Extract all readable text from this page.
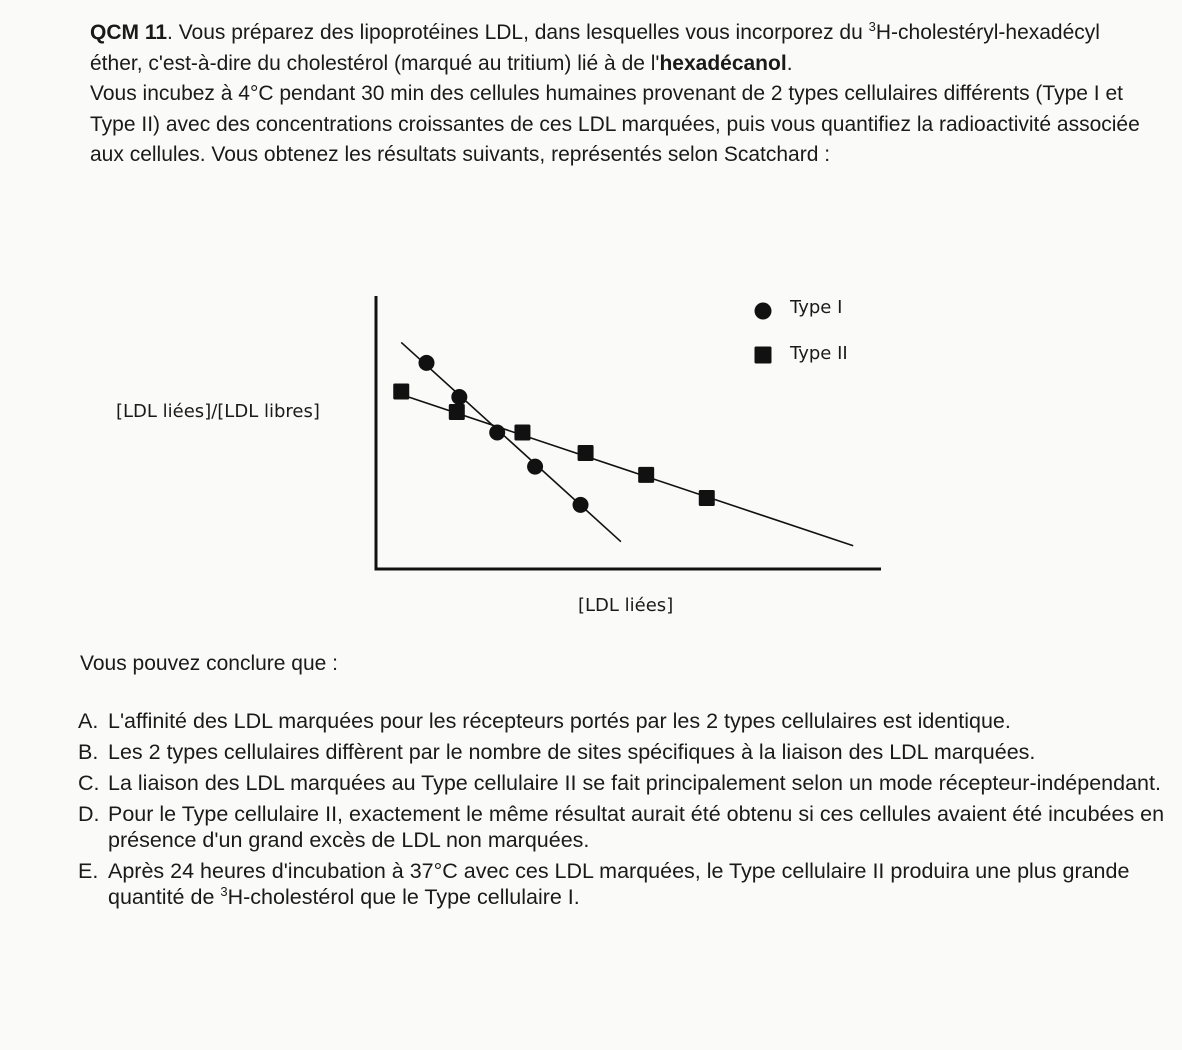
QCM 11. Vous préparez des lipoprotéines LDL, dans lesquelles vous incorporez du $^3$H-cholestéryl-hexadécyl éther, c'est-à-dire du cholestérol (marqué au tritium) lié à de l'hexadécanol.

Vous incubez à 4°C pendant 30 min des cellules humaines provenant de 2 types cellulaires différents (Type I et Type II) avec des concentrations croissantes de ces LDL marquées, puis vous quantifiez la radioactivité associée aux cellules. Vous obtenez les résultats suivants, représentés selon Scatchard :

[LDL liées]/[LDL libres]
[LDL liées]
Type I
Type II

Vous pouvez conclure que :

A. L'affinité des LDL marquées pour les récepteurs portés par les 2 types cellulaires est identique.
B. Les 2 types cellulaires diffèrent par le nombre de sites spécifiques à la liaison des LDL marquées.
C. La liaison des LDL marquées au Type cellulaire II se fait principalement selon un mode récepteur-indépendant.
D. Pour le Type cellulaire II, exactement le même résultat aurait été obtenu si ces cellules avaient été incubées en présence d'un grand excès de LDL non marquées.
E. Après 24 heures d'incubation à 37°C avec ces LDL marquées, le Type cellulaire II produira une plus grande quantité de $^3$H-cholestérol que le Type cellulaire I.
